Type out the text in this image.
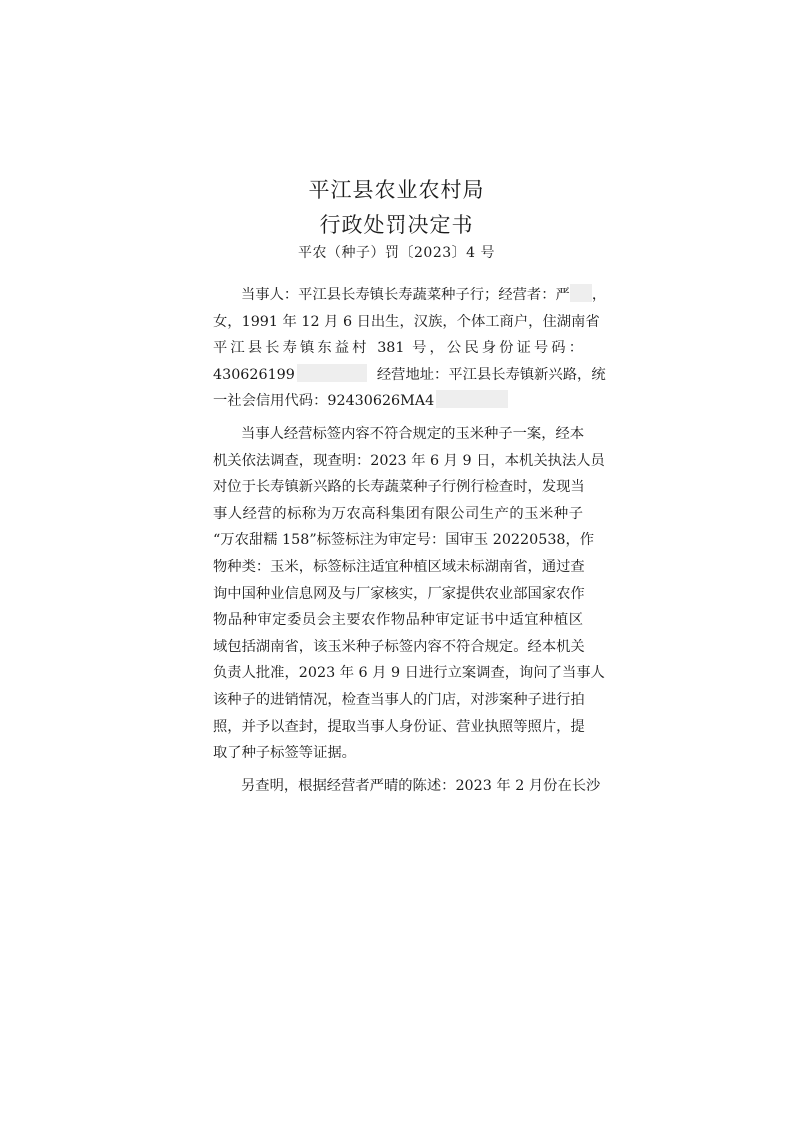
平江县农业农村局
行政处罚决定书
平农（种子）罚〔2023〕4 号
当事人：平江县长寿镇长寿蔬菜种子行；经营者：严 ，
女，1991 年 12 月 6 日出生，汉族，个体工商户，住湖南省
平江县长寿镇东益村 381 号，公民身份证号码：
430626199	经营地址：平江县长寿镇新兴路，统
一社会信用代码：92430626MA4
当事人经营标签内容不符合规定的玉米种子一案，经本
机关依法调查，现查明：2023 年 6 月 9 日，本机关执法人员
对位于长寿镇新兴路的长寿蔬菜种子行例行检查时，发现当
事人经营的标称为万农高科集团有限公司生产的玉米种子
“万农甜糯 158”标签标注为审定号：国审玉 20220538，作
物种类：玉米，标签标注适宜种植区域未标湖南省，通过查
询中国种业信息网及与厂家核实，厂家提供农业部国家农作
物品种审定委员会主要农作物品种审定证书中适宜种植区
域包括湖南省，该玉米种子标签内容不符合规定。经本机关
负责人批准，2023 年 6 月 9 日进行立案调查，询问了当事人
该种子的进销情况，检查当事人的门店，对涉案种子进行拍
照，并予以查封，提取当事人身份证、营业执照等照片，提
取了种子标签等证据。
另查明，根据经营者严晴的陈述：2023 年 2 月份在长沙
